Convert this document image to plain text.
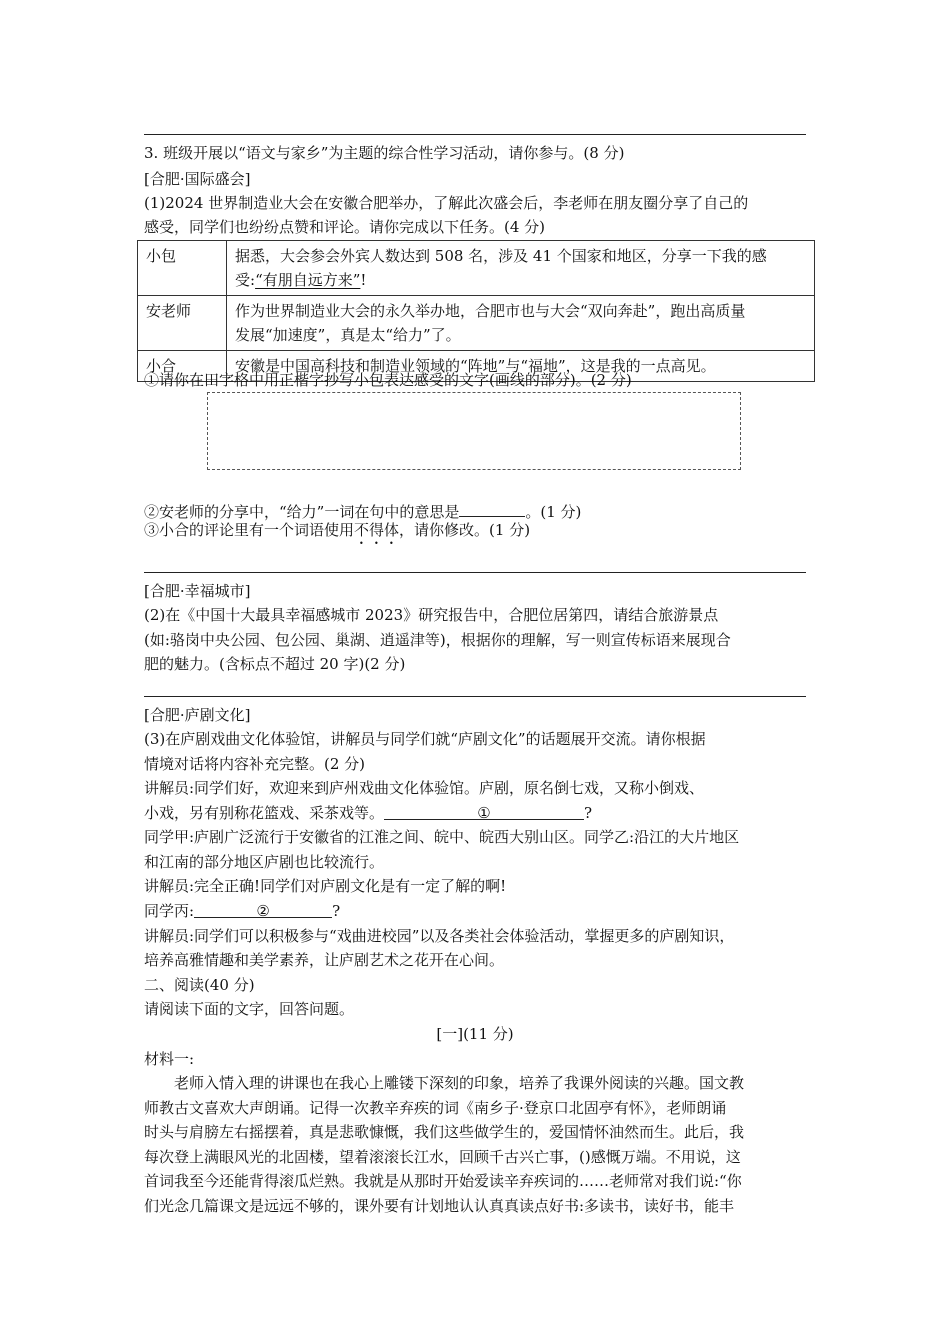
3. 班级开展以“语文与家乡”为主题的综合性学习活动，请你参与。(8 分)
[合肥·国际盛会]
(1)2024 世界制造业大会在安徽合肥举办，了解此次盛会后，李老师在朋友圈分享了自己的
感受，同学们也纷纷点赞和评论。请你完成以下任务。(4 分)
小包	据悉，大会参会外宾人数达到 508 名，涉及 41 个国家和地区，分享一下我的感
受:“有朋自远方来”!

安老师	作为世界制造业大会的永久举办地，合肥市也与大会“双向奔赴”，跑出高质量
发展“加速度”，真是太“给力”了。

小合	安徽是中国高科技和制造业领域的“阵地”与“福地”，这是我的一点高见。
①请你在田字格中用正楷字抄写小包表达感受的文字(画线的部分)。(2 分)
②安老师的分享中，“给力”一词在句中的意思是	。(1 分)
③小合的评论里有一个词语使用不得体，请你修改。(1 分)
[合肥·幸福城市]
(2)在《中国十大最具幸福感城市 2023》研究报告中，合肥位居第四，请结合旅游景点
(如:骆岗中央公园、包公园、巢湖、逍遥津等)，根据你的理解，写一则宣传标语来展现合
肥的魅力。(含标点不超过 20 字)(2 分)
[合肥·庐剧文化]
(3)在庐剧戏曲文化体验馆，讲解员与同学们就“庐剧文化”的话题展开交流。请你根据
情境对话将内容补充完整。(2 分)
讲解员:同学们好，欢迎来到庐州戏曲文化体验馆。庐剧，原名倒七戏，又称小倒戏、
小戏，另有别称花篮戏、采茶戏等。	①	?
同学甲:庐剧广泛流行于安徽省的江淮之间、皖中、皖西大别山区。同学乙:沿江的大片地区
和江南的部分地区庐剧也比较流行。
讲解员:完全正确!同学们对庐剧文化是有一定了解的啊!
同学丙:	②	?
讲解员:同学们可以积极参与“戏曲进校园”以及各类社会体验活动，掌握更多的庐剧知识，
培养高雅情趣和美学素养，让庐剧艺术之花开在心间。
二、阅读(40 分)
请阅读下面的文字，回答问题。
[一](11 分)
材料一:
老师入情入理的讲课也在我心上雕镂下深刻的印象，培养了我课外阅读的兴趣。国文教
师教古文喜欢大声朗诵。记得一次教辛弃疾的词《南乡子·登京口北固亭有怀》，老师朗诵
时头与肩膀左右摇摆着，真是悲歌慷慨，我们这些做学生的，爱国情怀油然而生。此后，我
每次登上满眼风光的北固楼，望着滚滚长江水，回顾千古兴亡事，()感慨万端。不用说，这
首词我至今还能背得滚瓜烂熟。我就是从那时开始爱读辛弃疾词的……老师常对我们说:“你
们光念几篇课文是远远不够的，课外要有计划地认认真真读点好书:多读书，读好书，能丰
